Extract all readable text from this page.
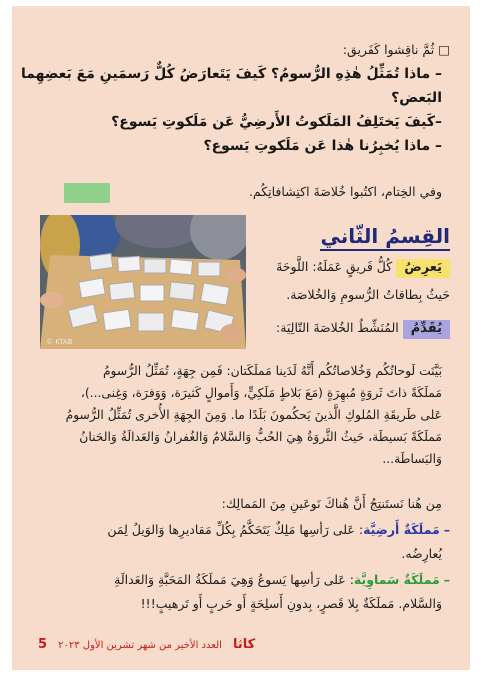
□ ثُمَّ ناقِشوا كَفَريق:
– ماذا تُمَثِّلُ هٰذِهِ الرُّسومُ؟ كَيفَ يَتَعارَضُ كُلٌّ رَسمَينِ مَعَ بَعضِهِما
البَعض؟
–كَيفَ يَختَلِفُ المَلَكوتُ الأَرضِيُّ عَن مَلَكوتِ يَسوع؟
– ماذا يُخبِرُنا هٰذا عَن مَلَكوتِ يَسوع؟
وفي الخِتام، اكتُبوا خُلاصَةَ اكتِشافاتِكُم.
القِسمُ الثّاني
يَعرِضُ كُلُّ فَريقٍ عَمَلَهُ: اللَّوحَةَ
حَيثُ بِطاقاتُ الرُّسومِ وَالخُلاصَة.
يُقَدِّمُ المُنَشِّطُ الخُلاصَةَ التّالِيَة:
© KTAB
بَيَّنَت لَوحاتُكُم وَخُلاصاتُكُم أَنَّهُ لَدَينا مَملَكَتان: فَمِن جِهَةٍ، تُمَثِّلُ الرُّسومُ
مَملَكَةً ذاتَ ثَروَةٍ مُبهِرَةٍ (مَعَ بَلاطٍ مَلَكِيٍّ، وَأَموالٍ كَثيرَة، وَوَفرَة، وَغِنى...)،
عَلى طَريقَةِ المُلوكِ الَّذينَ يَحكُمونَ بَلَدًا ما. وَمِنَ الجِهَةِ الأُخرى تُمَثِّلُ الرُّسومُ
مَملَكَةً بَسيطَة، حَيثُ الثَّروَةُ هِيَ الحُبُّ وَالسَّلامُ وَالغُفرانُ وَالعَدالَةُ وَالحَنانُ
وَالبَساطَة...
مِن هُنا نَستَنتِجُ أَنَّ هُناكَ نَوعَينِ مِنَ المَمالِك:
– مَملَكَةٌ أَرضِيَّة: عَلى رَأسِها مَلِكٌ يَتَحَكَّمُ بِكُلِّ مَقاديرِها وَالوَيلُ لِمَن
يُعارِضُه.
– مَملَكَةٌ سَماوِيَّة: عَلى رَأسِها يَسوعُ وَهِيَ مَملَكَةُ المَحَبَّةِ وَالعَدالَةِ
وَالسَّلام. مَملَكَةٌ بِلا قَصرٍ، بِدونِ أَسلِحَةٍ أَو حَربٍ أَو تَرهيبٍ!!!
كاثا العدد الأخير من شهر تشرين الأول ٢٠٢٣ 5
